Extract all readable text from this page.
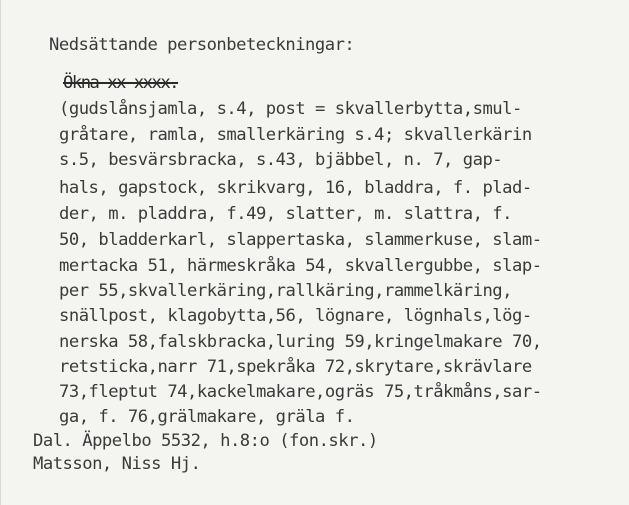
Nedsättande personbeteckningar:

Ökna xx xxxx.

(gudslånsjamla, s.4, post = skvallerbytta,smul-

gråtare, ramla, smallerkäring s.4; skvallerkärin

s.5, besvärsbracka, s.43, bjäbbel, n. 7, gap-

hals, gapstock, skrikvarg, 16, bladdra, f. plad-

der, m. pladdra, f.49, slatter, m. slattra, f.

50, bladderkarl, slappertaska, slammerkuse, slam-

mertacka 51, härmeskråka 54, skvallergubbe, slap-

per 55,skvallerkäring,rallkäring,rammelkäring,

snällpost, klagobytta,56, lögnare, lögnhals,lög-

nerska 58,falskbracka,luring 59,kringelmakare 70,

retsticka,narr 71,spekråka 72,skrytare,skrävlare

73,fleptut 74,kackelmakare,ogräs 75,tråkmåns,sar-

ga, f. 76,grälmakare, gräla f.

Dal. Äppelbo 5532, h.8:o (fon.skr.)

Matsson, Niss Hj.
